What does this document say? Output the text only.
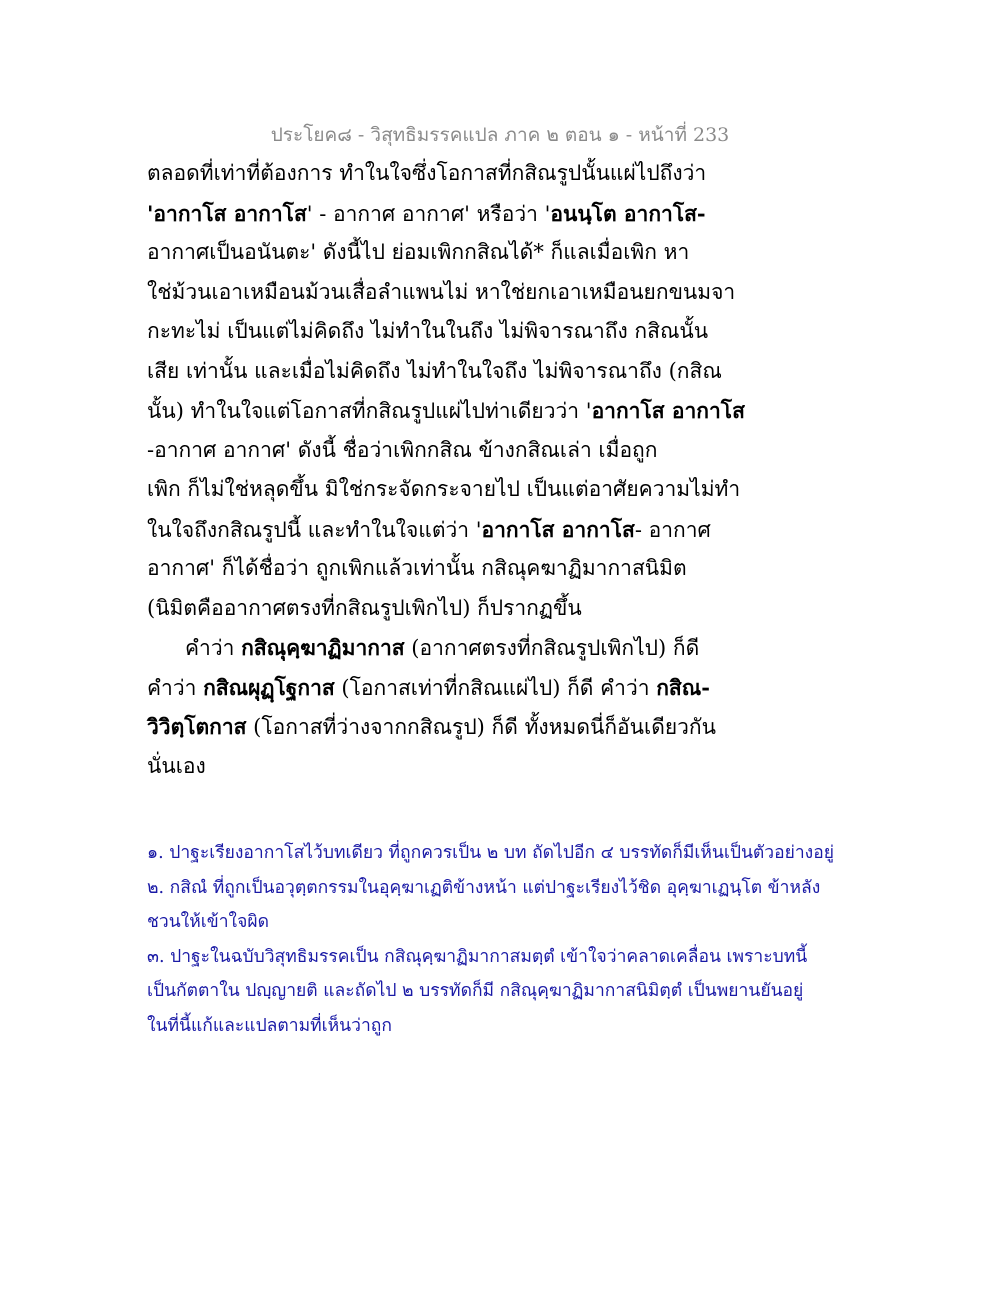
ประโยค๘ - วิสุทธิมรรคแปล ภาค ๒ ตอน ๑ - หน้าที่ 233
ตลอดที่เท่าที่ต้องการ ทำในใจซึ่งโอกาสที่กสิณรูปนั้นแผ่ไปถึงว่า
'อากาโส อากาโส' - อากาศ อากาศ' หรือว่า 'อนนฺโต อากาโส-
อากาศเป็นอนันตะ' ดังนี้ไป ย่อมเพิกกสิณได้* ก็แลเมื่อเพิก หา
ใช่ม้วนเอาเหมือนม้วนเสื่อลำแพนไม่ หาใช่ยกเอาเหมือนยกขนมจา
กะทะไม่ เป็นแต่ไม่คิดถึง ไม่ทำในในถึง ไม่พิจารณาถึง กสิณนั้น
เสีย เท่านั้น และเมื่อไม่คิดถึง ไม่ทำในใจถึง ไม่พิจารณาถึง (กสิณ
นั้น) ทำในใจแต่โอกาสที่กสิณรูปแผ่ไปท่าเดียวว่า 'อากาโส อากาโส
-อากาศ อากาศ' ดังนี้ ชื่อว่าเพิกกสิณ ข้างกสิณเล่า เมื่อถูก
เพิก ก็ไม่ใช่หลุดขึ้น มิใช่กระจัดกระจายไป เป็นแต่อาศัยความไม่ทำ
ในใจถึงกสิณรูปนี้ และทำในใจแต่ว่า 'อากาโส อากาโส- อากาศ
อากาศ' ก็ได้ชื่อว่า ถูกเพิกแล้วเท่านั้น กสิณุคฆาฏิมากาสนิมิต
(นิมิตคืออากาศตรงที่กสิณรูปเพิกไป) ก็ปรากฏขึ้น
คำว่า กสิณุคฺฆาฏิมากาส (อากาศตรงที่กสิณรูปเพิกไป) ก็ดี
คำว่า กสิณผุฏฺโฐกาส (โอกาสเท่าที่กสิณแผ่ไป) ก็ดี คำว่า กสิณ-
วิวิตฺโตกาส (โอกาสที่ว่างจากกสิณรูป) ก็ดี ทั้งหมดนี่ก็อันเดียวกัน
นั่นเอง
๑. ปาฐะเรียงอากาโสไว้บทเดียว ที่ถูกควรเป็น ๒ บท ถัดไปอีก ๔ บรรทัดก็มีเห็นเป็นตัวอย่างอยู่
๒. กสิณํ ที่ถูกเป็นอวุตฺตกรรมในอุคฺฆาเฏติข้างหน้า แต่ปาฐะเรียงไว้ชิด อุคฺฆาเฏนฺโต ข้าหลัง
ชวนให้เข้าใจผิด
๓. ปาฐะในฉบับวิสุทธิมรรคเป็น กสิณุคฺฆาฏิมากาสมตฺตํ เข้าใจว่าคลาดเคลื่อน เพราะบทนี้
เป็นกัตตาใน ปญฺญายติ และถัดไป ๒ บรรทัดก็มี กสิณุคฺฆาฏิมากาสนิมิตฺตํ เป็นพยานยันอยู่
ในที่นี้แก้และแปลตามที่เห็นว่าถูก
